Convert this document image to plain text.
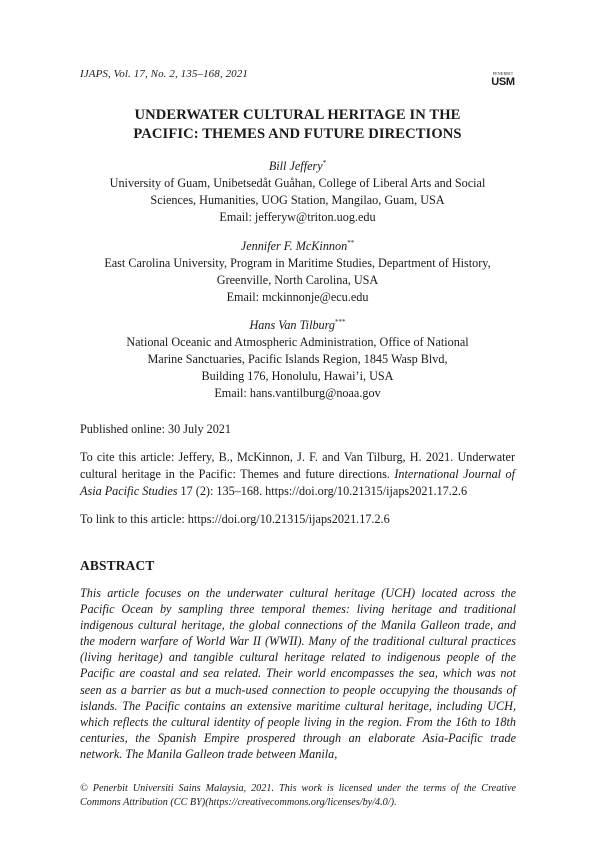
IJAPS, Vol. 17, No. 2, 135–168, 2021	PENERBIT
USM
UNDERWATER CULTURAL HERITAGE IN THE
PACIFIC: THEMES AND FUTURE DIRECTIONS
Bill Jeffery*
University of Guam, Unibetsedåt Guåhan, College of Liberal Arts and Social
Sciences, Humanities, UOG Station, Mangilao, Guam, USA
Email: jefferyw@triton.uog.edu
Jennifer F. McKinnon**
East Carolina University, Program in Maritime Studies, Department of History,
Greenville, North Carolina, USA
Email: mckinnonje@ecu.edu
Hans Van Tilburg***
National Oceanic and Atmospheric Administration, Office of National
Marine Sanctuaries, Pacific Islands Region, 1845 Wasp Blvd,
Building 176, Honolulu, Hawai’i, USA
Email: hans.vantilburg@noaa.gov
Published online: 30 July 2021
To cite this article: Jeffery, B., McKinnon, J. F. and Van Tilburg, H. 2021. Underwater cultural heritage in the Pacific: Themes and future directions. International Journal of Asia Pacific Studies 17 (2): 135–168. https://doi.org/10.21315/ijaps2021.17.2.6
To link to this article: https://doi.org/10.21315/ijaps2021.17.2.6
ABSTRACT
This article focuses on the underwater cultural heritage (UCH) located across the Pacific Ocean by sampling three temporal themes: living heritage and traditional indigenous cultural heritage, the global connections of the Manila Galleon trade, and the modern warfare of World War II (WWII). Many of the traditional cultural practices (living heritage) and tangible cultural heritage related to indigenous people of the Pacific are coastal and sea related. Their world encompasses the sea, which was not seen as a barrier as but a much-used connection to people occupying the thousands of islands. The Pacific contains an extensive maritime cultural heritage, including UCH, which reflects the cultural identity of people living in the region. From the 16th to 18th centuries, the Spanish Empire prospered through an elaborate Asia-Pacific trade network. The Manila Galleon trade between Manila,
© Penerbit Universiti Sains Malaysia, 2021. This work is licensed under the terms of the Creative Commons Attribution (CC BY)(https://creativecommons.org/licenses/by/4.0/).
